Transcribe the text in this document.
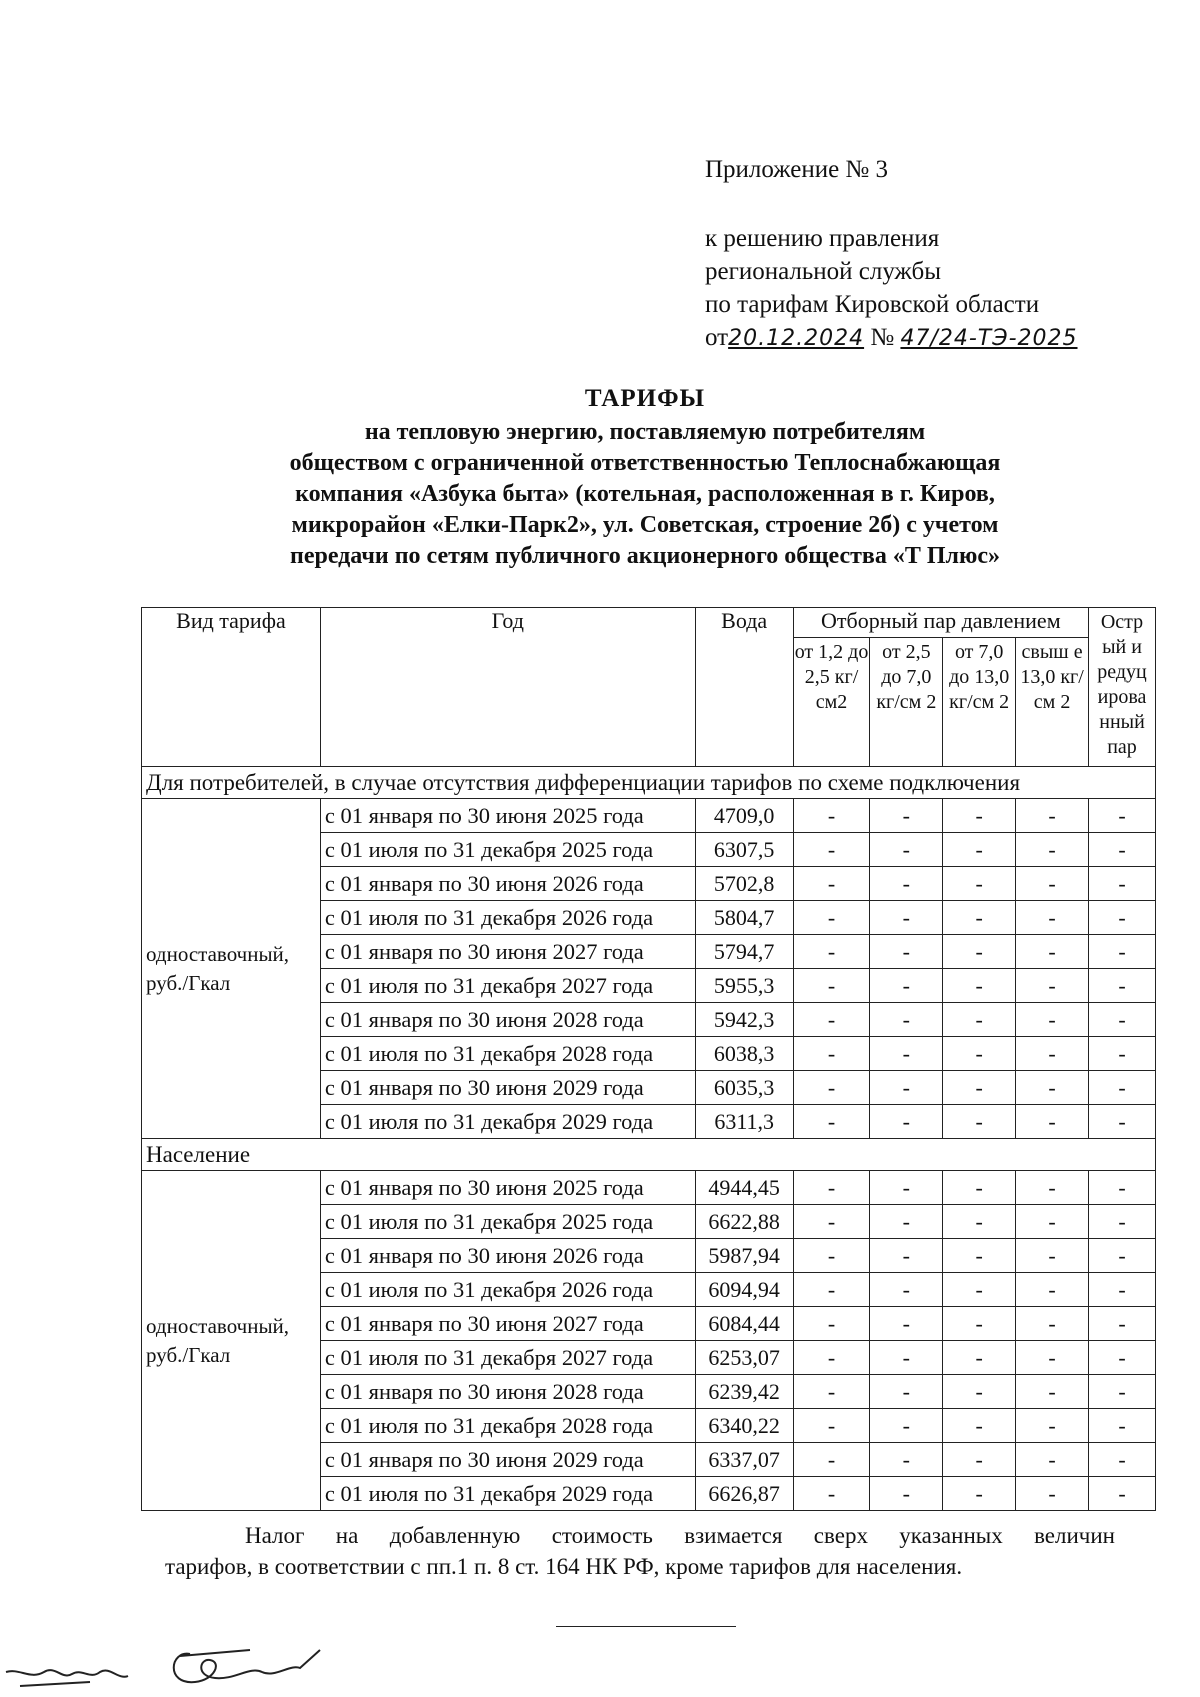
Приложение № 3
к решению правления
региональной службы
по тарифам Кировской области
от20.12.2024 № 47/24-ТЭ-2025
ТАРИФЫ
на тепловую энергию, поставляемую потребителям
обществом с ограниченной ответственностью Теплоснабжающая
компания «Азбука быта» (котельная, расположенная в г. Киров,
микрорайон «Елки-Парк2», ул. Советская, строение 2б) с учетом
передачи по сетям публичного акционерного общества «Т Плюс»
Вид тарифа	Год	Вода	Отборный пар давлением				Остр ый и редуц ирова нный пар
			от 1,2 до 2,5 кг/см2	от 2,5 до 7,0 кг/см 2	от 7,0 до 13,0 кг/см 2	свыш е 13,0 кг/см 2	
Для потребителей, в случае отсутствия дифференциации тарифов по схеме подключения							
одноставочный, руб./Гкал	с 01 января по 30 июня 2025 года	4709,0	-	-	-	-	-
	с 01 июля по 31 декабря 2025 года	6307,5	-	-	-	-	-
	с 01 января по 30 июня 2026 года	5702,8	-	-	-	-	-
	с 01 июля по 31 декабря 2026 года	5804,7	-	-	-	-	-
	с 01 января по 30 июня 2027 года	5794,7	-	-	-	-	-
	с 01 июля по 31 декабря 2027 года	5955,3	-	-	-	-	-
	с 01 января по 30 июня 2028 года	5942,3	-	-	-	-	-
	с 01 июля по 31 декабря 2028 года	6038,3	-	-	-	-	-
	с 01 января по 30 июня 2029 года	6035,3	-	-	-	-	-
	с 01 июля по 31 декабря 2029 года	6311,3	-	-	-	-	-
Население							
одноставочный, руб./Гкал	с 01 января по 30 июня 2025 года	4944,45	-	-	-	-	-
	с 01 июля по 31 декабря 2025 года	6622,88	-	-	-	-	-
	с 01 января по 30 июня 2026 года	5987,94	-	-	-	-	-
	с 01 июля по 31 декабря 2026 года	6094,94	-	-	-	-	-
	с 01 января по 30 июня 2027 года	6084,44	-	-	-	-	-
	с 01 июля по 31 декабря 2027 года	6253,07	-	-	-	-	-
	с 01 января по 30 июня 2028 года	6239,42	-	-	-	-	-
	с 01 июля по 31 декабря 2028 года	6340,22	-	-	-	-	-
	с 01 января по 30 июня 2029 года	6337,07	-	-	-	-	-
	с 01 июля по 31 декабря 2029 года	6626,87	-	-	-	-	-
Налог на добавленную стоимость взимается сверх указанных величин
тарифов, в соответствии с пп.1 п. 8 ст. 164 НК РФ, кроме тарифов для населения.
